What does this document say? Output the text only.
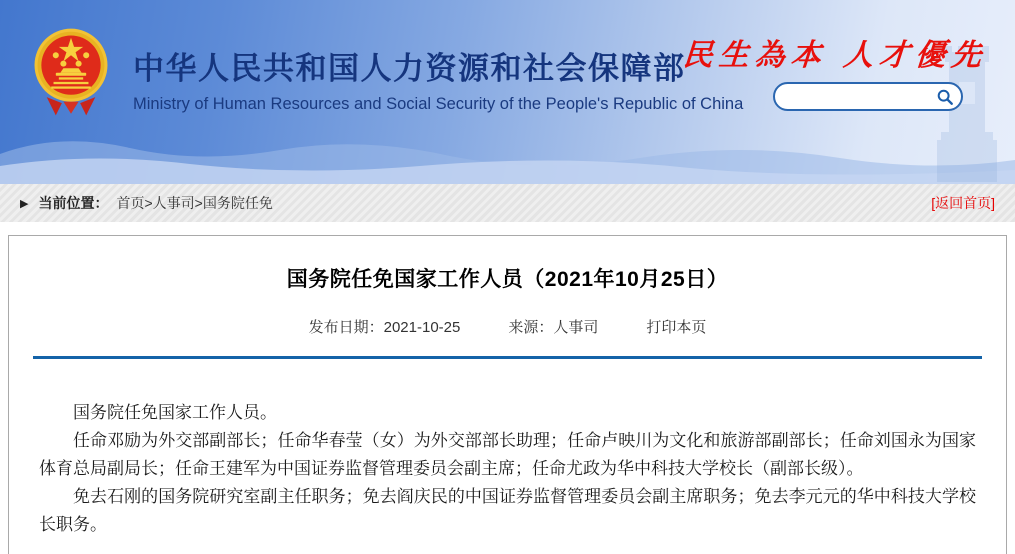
中华人民共和国人力资源和社会保障部
Ministry of Human Resources and Social Security of the People's Republic of China
民生為本 人才優先
▶ 当前位置： 首页>人事司>国务院任免	[返回首页]
国务院任免国家工作人员（2021年10月25日）
发布日期：2021-10-25	来源：人事司	打印本页

国务院任免国家工作人员。

任命邓励为外交部副部长；任命华春莹（女）为外交部部长助理；任命卢映川为文化和旅游部副部长；任命刘国永为国家体育总局副局长；任命王建军为中国证券监督管理委员会副主席；任命尤政为华中科技大学校长（副部长级）。

免去石刚的国务院研究室副主任职务；免去阎庆民的中国证券监督管理委员会副主席职务；免去李元元的华中科技大学校长职务。
